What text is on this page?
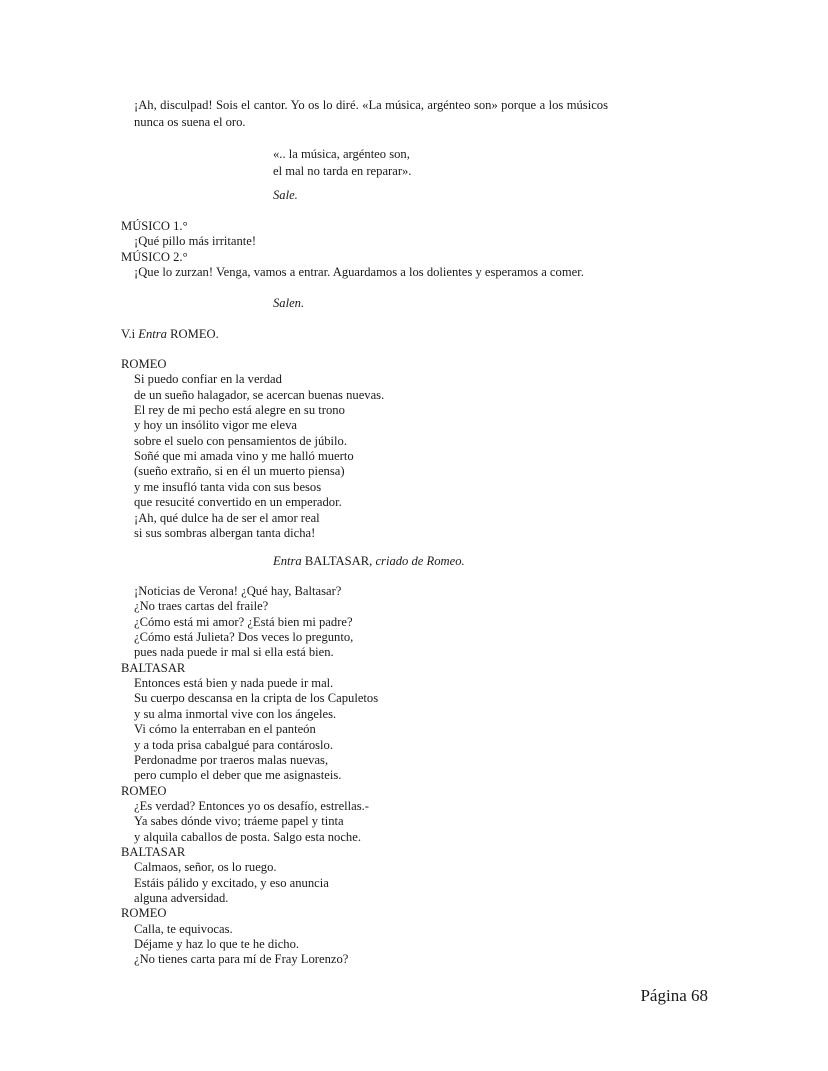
¡Ah, disculpad! Sois el cantor. Yo os lo diré. «La música, argénteo son» porque a los músicos nunca os suena el oro.

«.. la música, argénteo son,
el mal no tarda en reparar».
Sale.
MÚSICO 1.°
¡Qué pillo más irritante!
MÚSICO 2.°
¡Que lo zurzan! Venga, vamos a entrar. Aguardamos a los dolientes y esperamos a comer.
Salen.
V.i Entra ROMEO.
ROMEO
Si puedo confiar en la verdad
de un sueño halagador, se acercan buenas nuevas.
El rey de mi pecho está alegre en su trono
y hoy un insólito vigor me eleva
sobre el suelo con pensamientos de júbilo.
Soñé que mi amada vino y me halló muerto
(sueño extraño, si en él un muerto piensa)
y me insufló tanta vida con sus besos
que resucité convertido en un emperador.
¡Ah, qué dulce ha de ser el amor real
si sus sombras albergan tanta dicha!
Entra BALTASAR, criado de Romeo.
¡Noticias de Verona! ¿Qué hay, Baltasar?
¿No traes cartas del fraile?
¿Cómo está mi amor? ¿Está bien mi padre?
¿Cómo está Julieta? Dos veces lo pregunto,
pues nada puede ir mal si ella está bien.
BALTASAR
Entonces está bien y nada puede ir mal.
Su cuerpo descansa en la cripta de los Capuletos
y su alma inmortal vive con los ángeles.
Vi cómo la enterraban en el panteón
y a toda prisa cabalgué para contároslo.
Perdonadme por traeros malas nuevas,
pero cumplo el deber que me asignasteis.
ROMEO
¿Es verdad? Entonces yo os desafío, estrellas.-
Ya sabes dónde vivo; tráeme papel y tinta
y alquila caballos de posta. Salgo esta noche.
BALTASAR
Calmaos, señor, os lo ruego.
Estáis pálido y excitado, y eso anuncia
alguna adversidad.
ROMEO
Calla, te equivocas.
Déjame y haz lo que te he dicho.
¿No tienes carta para mí de Fray Lorenzo?
Página 68
